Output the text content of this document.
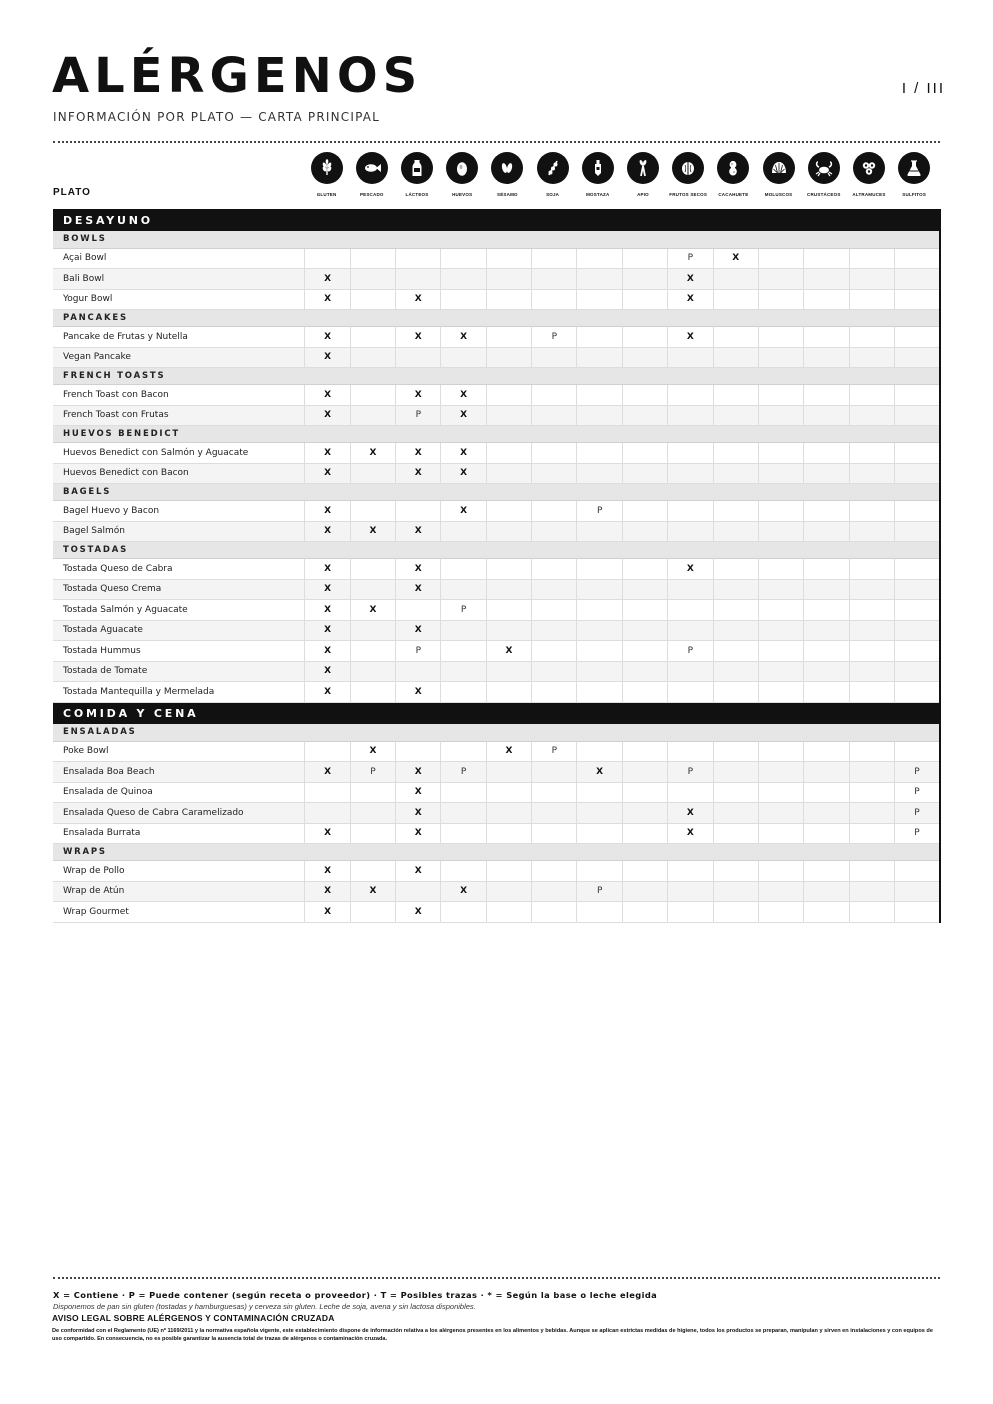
ALÉRGENOS	I / III
INFORMACIÓN POR PLATO — CARTA PRINCIPAL
PLATO	GLUTEN	PESCADO	LÁCTEOS	HUEVOS	SÉSAMO	SOJA	MOSTAZA	APIO	FRUTOS SECOS	CACAHUETE	MOLUSCOS	CRUSTÁCEOS	ALTRAMUCES	SULFITOS
DESAYUNO														
BOWLS														
Açai Bowl									P	X				
Bali Bowl	X								X					
Yogur Bowl	X		X						X					
PANCAKES														
Pancake de Frutas y Nutella	X		X	X		P			X					
Vegan Pancake	X													
FRENCH TOASTS														
French Toast con Bacon	X		X	X										
French Toast con Frutas	X		P	X										
HUEVOS BENEDICT														
Huevos Benedict con Salmón y Aguacate	X	X	X	X										
Huevos Benedict con Bacon	X		X	X										
BAGELS														
Bagel Huevo y Bacon	X			X			P							
Bagel Salmón	X	X	X											
TOSTADAS														
Tostada Queso de Cabra	X		X						X					
Tostada Queso Crema	X		X											
Tostada Salmón y Aguacate	X	X		P										
Tostada Aguacate	X		X											
Tostada Hummus	X		P		X				P					
Tostada de Tomate	X													
Tostada Mantequilla y Mermelada	X		X											
COMIDA Y CENA														
ENSALADAS														
Poke Bowl		X			X	P								
Ensalada Boa Beach	X	P	X	P			X		P					P
Ensalada de Quinoa			X											P
Ensalada Queso de Cabra Caramelizado			X						X					P
Ensalada Burrata	X		X						X					P
WRAPS														
Wrap de Pollo	X		X											
Wrap de Atún	X	X		X			P							
Wrap Gourmet	X		X											
X = Contiene · P = Puede contener (según receta o proveedor) · T = Posibles trazas · * = Según la base o leche elegida
Disponemos de pan sin gluten (tostadas y hamburguesas) y cerveza sin gluten. Leche de soja, avena y sin lactosa disponibles.
AVISO LEGAL SOBRE ALÉRGENOS Y CONTAMINACIÓN CRUZADA
De conformidad con el Reglamento (UE) nº 1169/2011 y la normativa española vigente, este establecimiento dispone de información relativa a los alérgenos presentes en los alimentos y bebidas. Aunque se aplican estrictas medidas de higiene, todos los productos se preparan, manipulan y sirven en instalaciones y con equipos de uso compartido. En consecuencia, no es posible garantizar la ausencia total de trazas de alérgenos o contaminación cruzada.
